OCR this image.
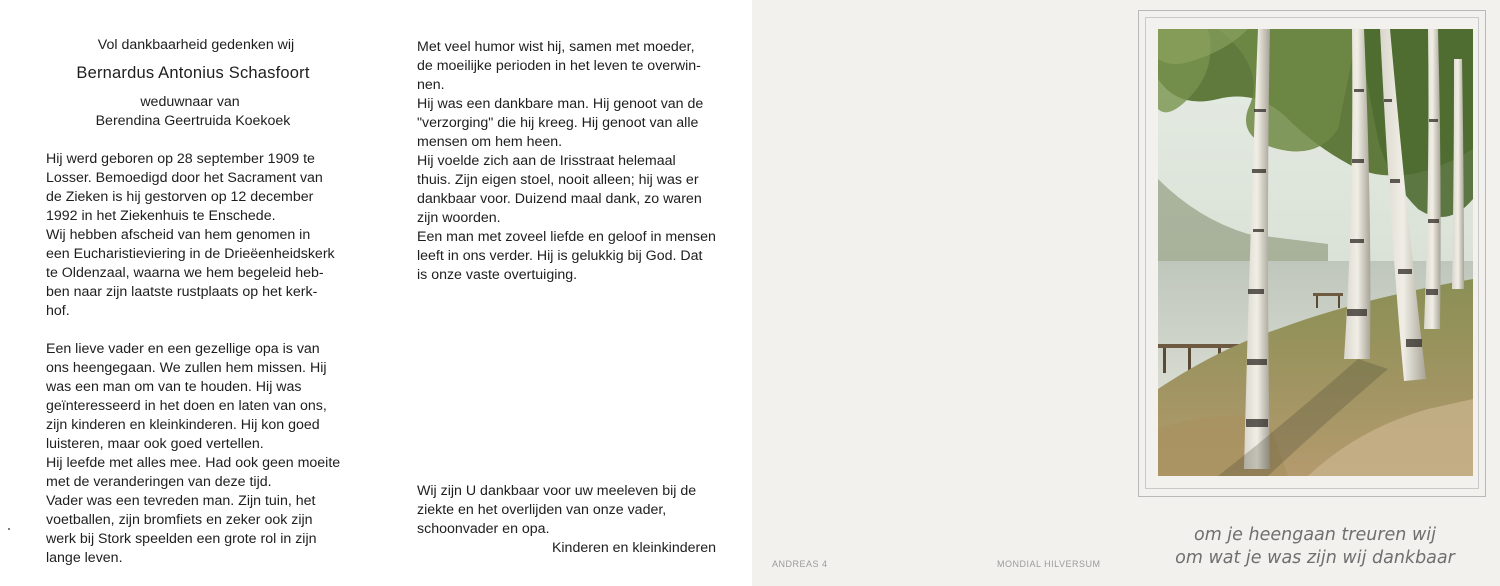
Vol dankbaarheid gedenken wij
Bernardus Antonius Schasfoort
weduwnaar van
Berendina Geertruida Koekoek

Hij werd geboren op 28 september 1909 te

Losser. Bemoedigd door het Sacrament van

de Zieken is hij gestorven op 12 december

1992 in het Ziekenhuis te Enschede.

Wij hebben afscheid van hem genomen in

een Eucharistieviering in de Drieëenheidskerk

te Oldenzaal, waarna we hem begeleid heb-

ben naar zijn laatste rustplaats op het kerk-

hof.

Een lieve vader en een gezellige opa is van

ons heengegaan. We zullen hem missen. Hij

was een man om van te houden. Hij was

geïnteresseerd in het doen en laten van ons,

zijn kinderen en kleinkinderen. Hij kon goed

luisteren, maar ook goed vertellen.

Hij leefde met alles mee. Had ook geen moeite

met de veranderingen van deze tijd.

Vader was een tevreden man. Zijn tuin, het

voetballen, zijn bromfiets en zeker ook zijn

werk bij Stork speelden een grote rol in zijn

lange leven.

Met veel humor wist hij, samen met moeder,

de moeilijke perioden in het leven te overwin-

nen.

Hij was een dankbare man. Hij genoot van de

"verzorging" die hij kreeg. Hij genoot van alle

mensen om hem heen.

Hij voelde zich aan de Irisstraat helemaal

thuis. Zijn eigen stoel, nooit alleen; hij was er

dankbaar voor. Duizend maal dank, zo waren

zijn woorden.

Een man met zoveel liefde en geloof in mensen

leeft in ons verder. Hij is gelukkig bij God. Dat

is onze vaste overtuiging.

Wij zijn U dankbaar voor uw meeleven bij de

ziekte en het overlijden van onze vader,

schoonvader en opa.

Kinderen en kleinkinderen

ANDREAS 4	MONDIAL HILVERSUM
om je heengaan treuren wij
om wat je was zijn wij dankbaar
